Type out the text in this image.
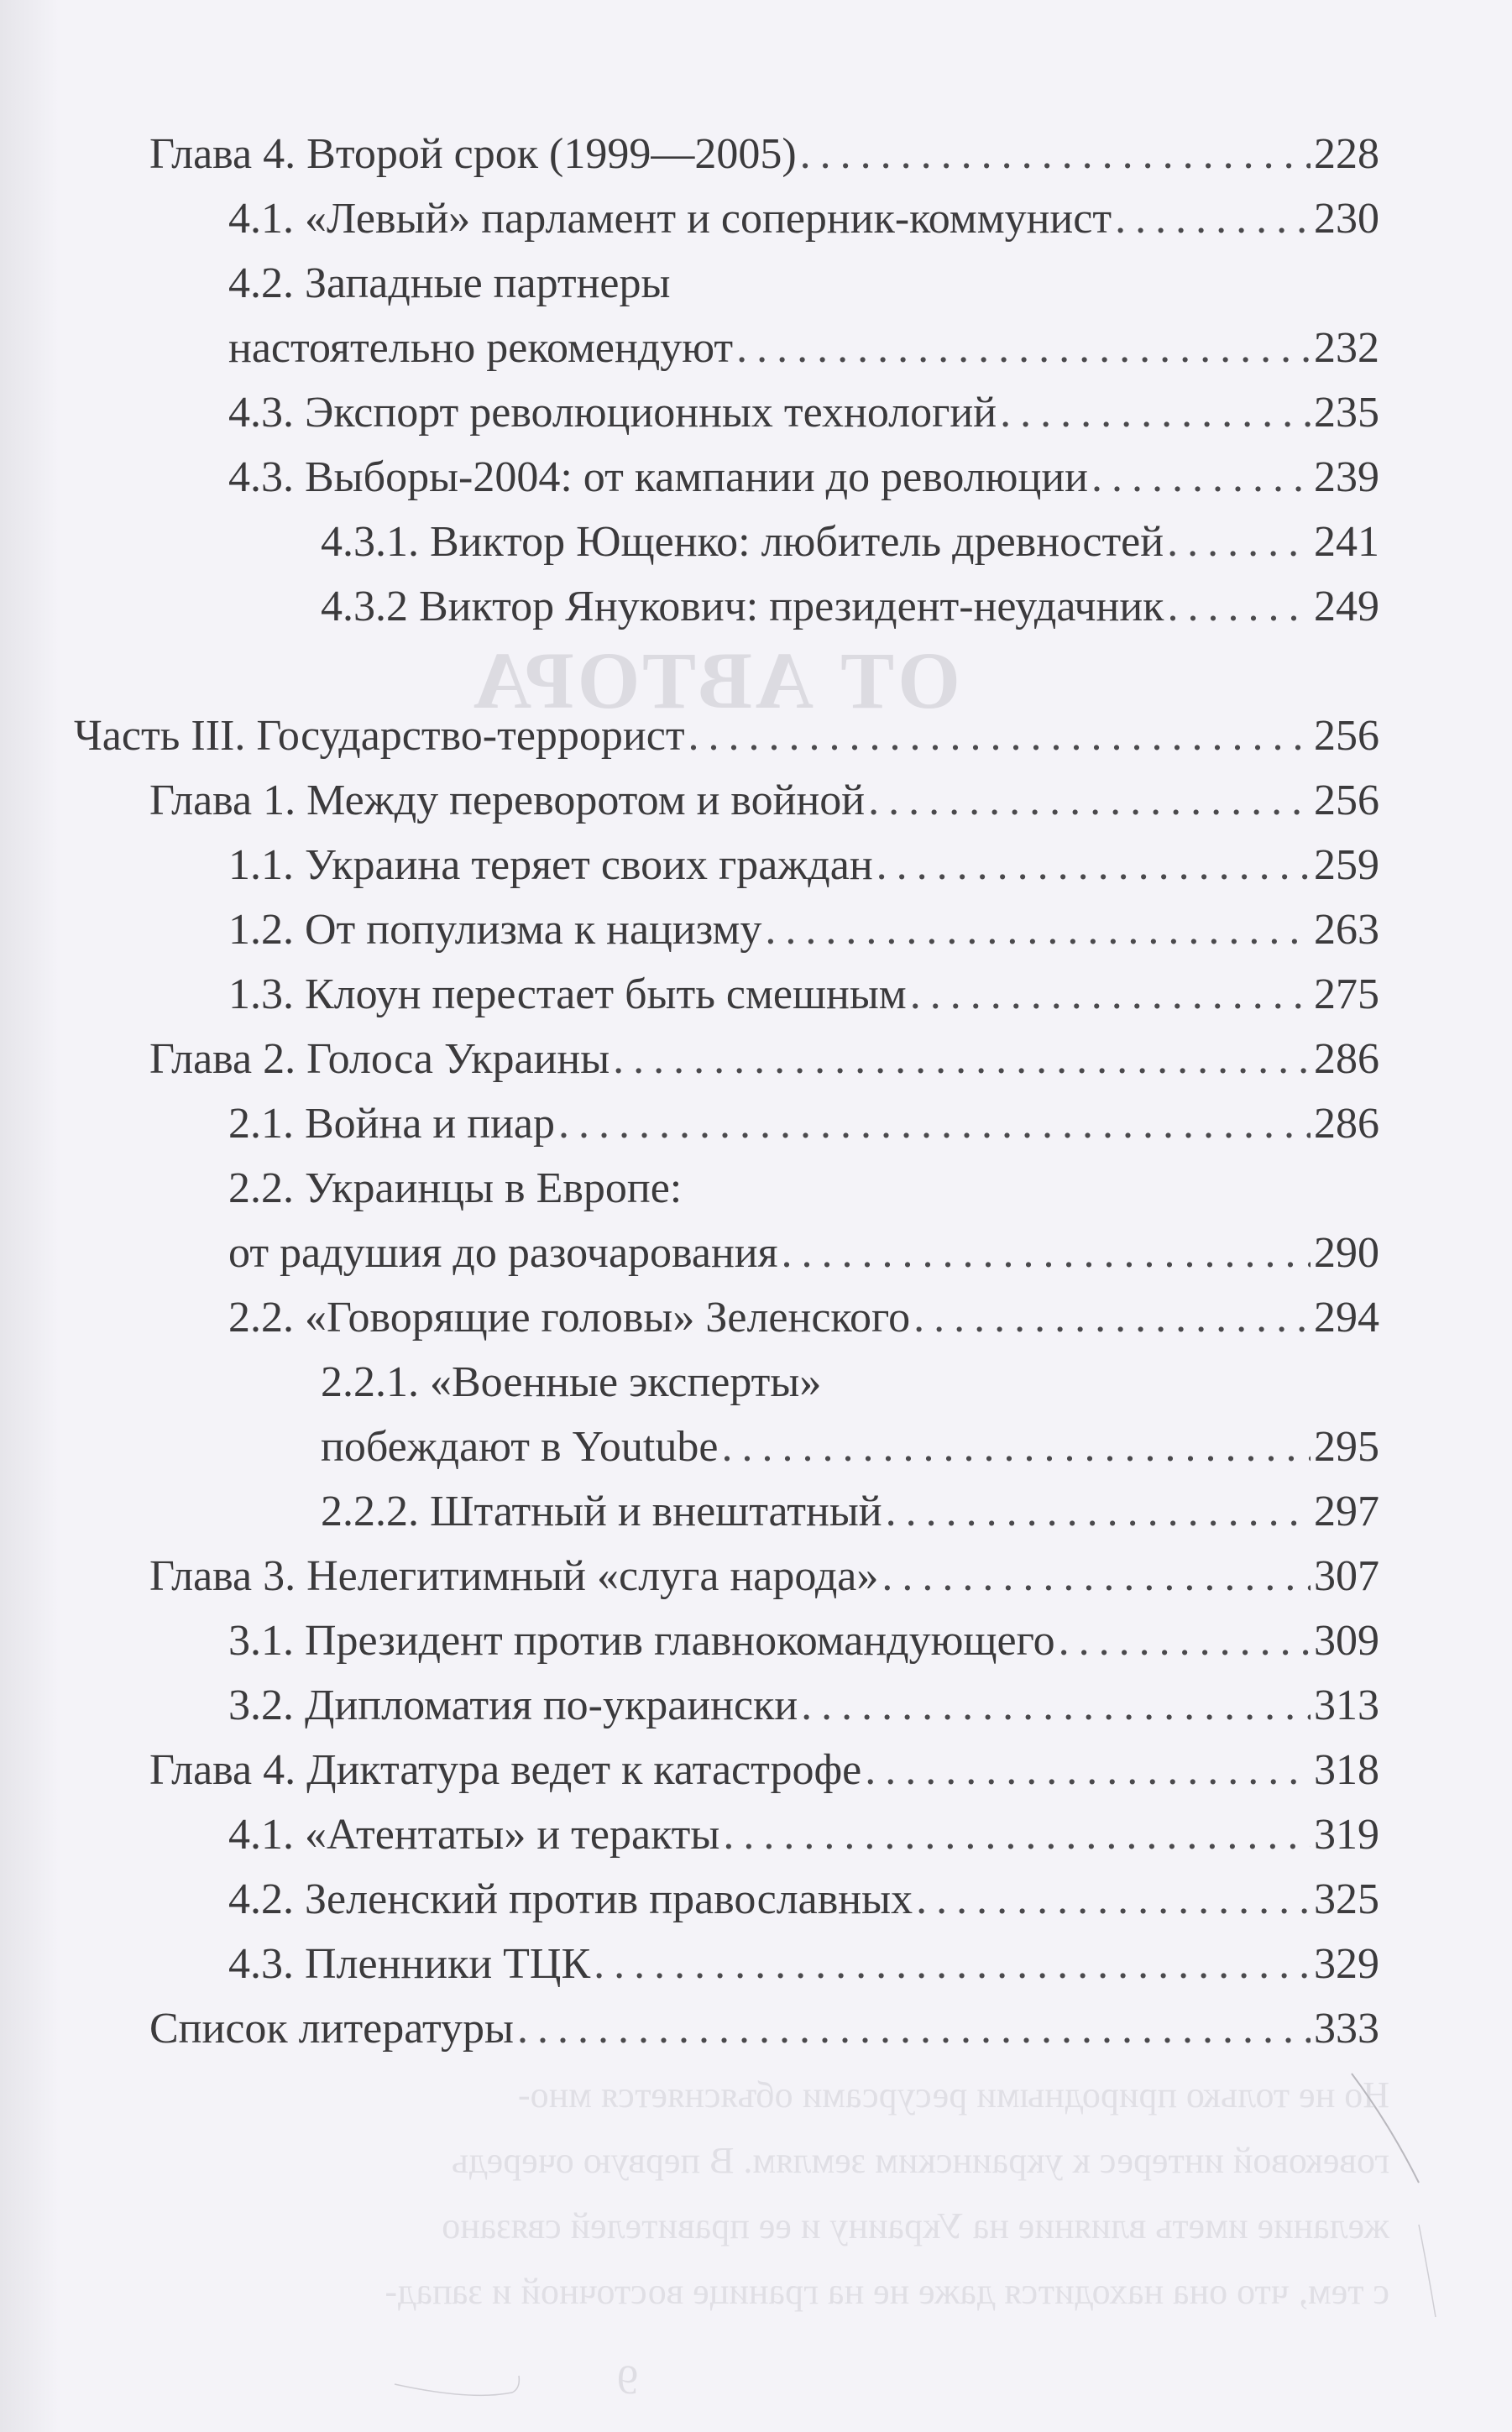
ОТ АВТОРА
Но не только природными ресурсами объясняется мно-
говековой интерес к украинским землям. В первую очередь
желание иметь влияние на Украину и ее правителей связано
с тем, что она находится даже не на границе восточной и запад-
9
Глава 4. Второй срок (1999—2005) . . .	228
4.1. «Левый» парламент и соперник-коммунист . . .	230
4.2. Западные партнеры
настоятельно рекомендуют . . .	232
4.3. Экспорт революционных технологий . . .	235
4.3. Выборы-2004: от кампании до революции . . .	239
4.3.1. Виктор Ющенко: любитель древностей . . .	241
4.3.2 Виктор Янукович: президент-неудачник . . .	249
Часть III. Государство-террорист . . .	256
Глава 1. Между переворотом и войной . . .	256
1.1. Украина теряет своих граждан . . .	259
1.2. От популизма к нацизму . . .	263
1.3. Клоун перестает быть смешным . . .	275
Глава 2. Голоса Украины . . .	286
2.1. Война и пиар . . .	286
2.2. Украинцы в Европе:
от радушия до разочарования . . .	290
2.2. «Говорящие головы» Зеленского . . .	294
2.2.1. «Военные эксперты»
побеждают в Youtube . . .	295
2.2.2. Штатный и внештатный . . .	297
Глава 3. Нелегитимный «слуга народа» . . .	307
3.1. Президент против главнокомандующего . . .	309
3.2. Дипломатия по-украински . . .	313
Глава 4. Диктатура ведет к катастрофе . . .	318
4.1. «Атентаты» и теракты . . .	319
4.2. Зеленский против православных . . .	325
4.3. Пленники ТЦК . . .	329
Список литературы . . .	333
